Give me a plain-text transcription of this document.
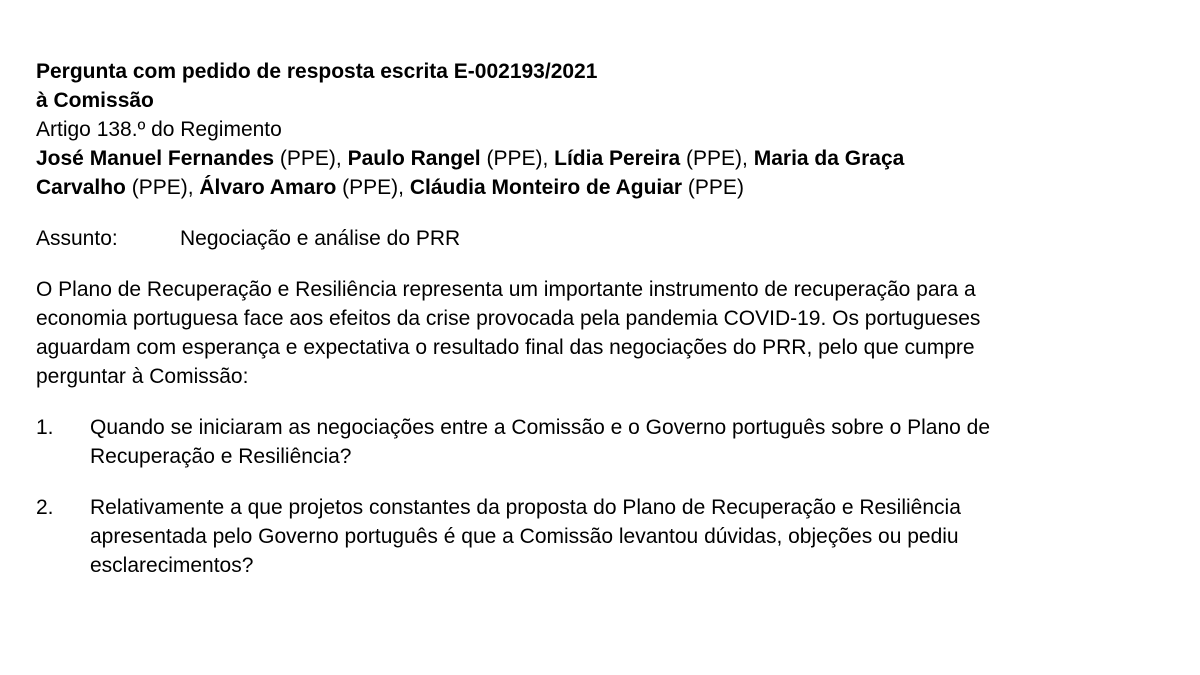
Pergunta com pedido de resposta escrita E-002193/2021
à Comissão
Artigo 138.º do Regimento
José Manuel Fernandes (PPE), Paulo Rangel (PPE), Lídia Pereira (PPE), Maria da Graça
Carvalho (PPE), Álvaro Amaro (PPE), Cláudia Monteiro de Aguiar (PPE)
Assunto:	Negociação e análise do PRR
O Plano de Recuperação e Resiliência representa um importante instrumento de recuperação para a
economia portuguesa face aos efeitos da crise provocada pela pandemia COVID-19. Os portugueses
aguardam com esperança e expectativa o resultado final das negociações do PRR, pelo que cumpre
perguntar à Comissão:
1.	Quando se iniciaram as negociações entre a Comissão e o Governo português sobre o Plano de
Recuperação e Resiliência?
2.	Relativamente a que projetos constantes da proposta do Plano de Recuperação e Resiliência
apresentada pelo Governo português é que a Comissão levantou dúvidas, objeções ou pediu
esclarecimentos?
